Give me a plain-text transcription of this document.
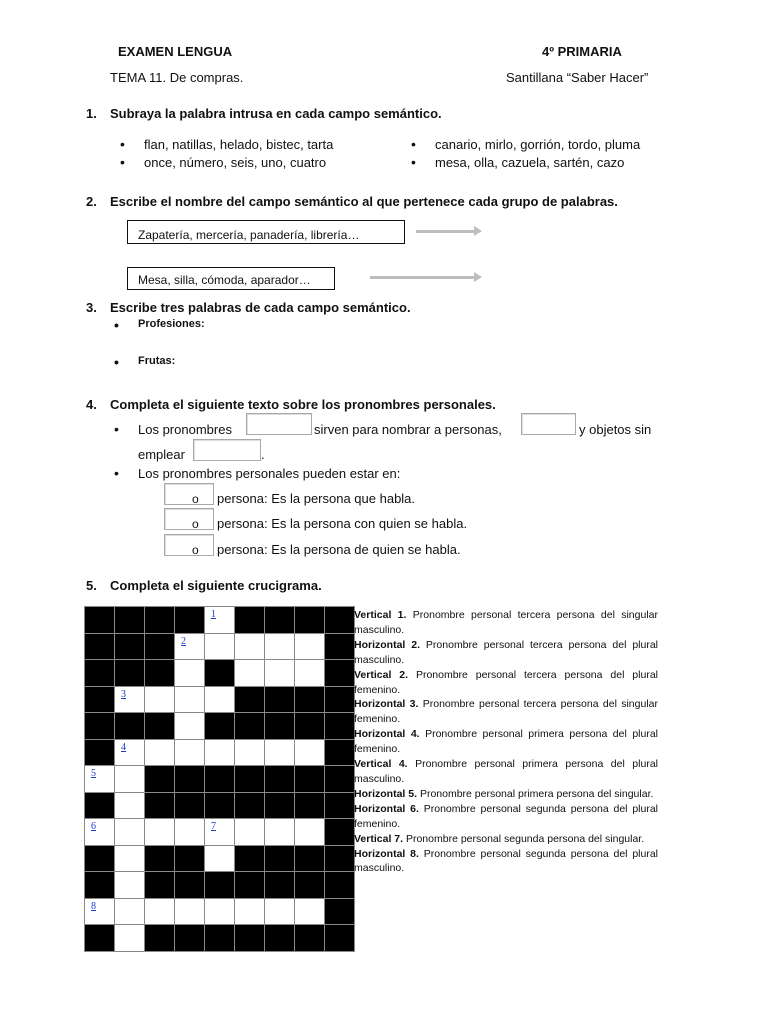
EXAMEN LENGUA	4º PRIMARIA
TEMA 11. De compras.	Santillana “Saber Hacer”
1. Subraya la palabra intrusa en cada campo semántico.
• flan, natillas, helado, bistec, tarta
• once, número, seis, uno, cuatro
• canario, mirlo, gorrión, tordo, pluma
• mesa, olla, cazuela, sartén, cazo
2. Escribe el nombre del campo semántico al que pertenece cada grupo de palabras.
Zapatería, mercería, panadería, librería…
Mesa, silla, cómoda, aparador…
3. Escribe tres palabras de cada campo semántico.
• Profesiones:
• Frutas:
4. Completa el siguiente texto sobre los pronombres personales.
• Los pronombres	sirven para nombrar a personas,	y objetos sin
emplear	.
• Los pronombres personales pueden estar en:
o persona: Es la persona que habla.
o persona: Es la persona con quien se habla.
o persona: Es la persona de quien se habla.
5. Completa el siguiente crucigrama.
1
2
3
4
5
6	7
8

Vertical 1. Pronombre personal tercera persona del singular masculino.

Horizontal 2. Pronombre personal tercera persona del plural masculino.

Vertical 2. Pronombre personal tercera persona del plural femenino.

Horizontal 3. Pronombre personal tercera persona del singular femenino.

Horizontal 4. Pronombre personal primera persona del plural femenino.

Vertical 4. Pronombre personal primera persona del plural masculino.

Horizontal 5. Pronombre personal primera persona del singular.

Horizontal 6. Pronombre personal segunda persona del plural femenino.

Vertical 7. Pronombre personal segunda persona del singular.

Horizontal 8. Pronombre personal segunda persona del plural masculino.
